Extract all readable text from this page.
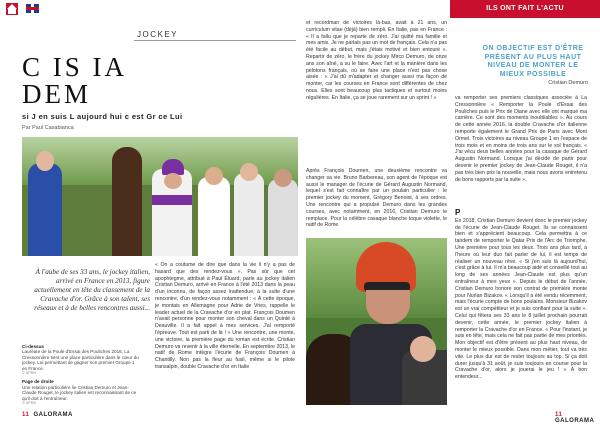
ILS ONT FAIT L'ACTU
JOCKEY
C IS IA
DEM
si J en suis L aujourd hui c est Gr ce Lui
Par Paul Casabianca
À l'aube de ses 33 ans, le jockey italien, arrivé en France en 2013, figure actuellement en tête du classement de la Cravache d'or. Grâce à son talent, ses réseaux et à de belles rencontres aussi...
Ci-dessus
Lauréate de la Poule d'Essai des Pouliches 2016, La Cressonnière tient une place particulière dans le cœur du jockey. Lui permettant de gagner son premier Groupe 1 en France.
© APRH
Page de droite
Une relation particulière lie Cristian Demuro et Jean-Claude Rouget, le jockey italien est reconnaissant de ce qu'il doit à l'entraîneur.
© APRH
« On a coutume de dire que dans la vie il n'y a pas de hasard que des rendez-vous ». Pas sûr que cet apophtegme, attribué à Paul Éluard, parle au jockey italien Cristian Demuro, arrivé en France à l'été 2013 dans la peau d'un inconnu, de façon assez inattendue, à la suite d'une rencontre, d'un rendez-vous notamment : « À cette époque, je montais en Allemagne pour Adrie de Vries, rappelle le leader actuel de la Cravache d'or en plat. François Doumen n'avait personne pour monter son cheval dans un Quinté à Deauville. Il a fait appel à mes services. J'ai remporté l'épreuve. Tout est parti de là ! » Une rencontre, une monte, une victoire, la première page du roman est écrite. Cristian Demuro va revenir à la ville éternelle. En septembre 2013, le natif de Rome intègre l'écurie de François Doumen à Chantilly. Non pas la fleur au fusil, même si le pilote transalpin, double Cravache d'or en Italie
et recordman de victoires là-bas, avait à 21 ans, un curriculum vitae (déjà) bien rempli. En Italie, pas en France : « Il a fallu que je reparte de zéro. J'ai quitté ma famille et mes amis. Je ne parlais pas un mot de français. Cela n'a pas été facile au début, mais j'étais motivé et bien entouré ». Repartir de zéro, le frère du jockey Mirco Demuro, de onze ans son aîné, a su le faire. Avec l'art et la manière dans les pelotons français, où se faire une place n'est pas chose aisée : « J'ai dû m'adapter et changer aussi ma façon de monter, car les courses en France sont différentes de chez nous. Elles sont beaucoup plus tactiques et surtout moins régulières. En Italie, ça se joue rarement sur un sprint ! »
Après François Doumen, une deuxième rencontre va changer sa vie. Bruno Barbereau, son agent de l'époque est aussi le manager de l'écurie de Gérard Augustin Normand, lequel s'est fait connaître par un poulain particulier : le premier jockey du moment, Grégory Benoist, à ses ordres. Une rencontre qui a propulsé Demuro dans les grandes courses, avec notamment, en 2016, Cristian Demuro le remplace. Pour la célèbre casaque blanche toque violette, le natif de Rome
ON OBJECTIF EST D'ÊTRE PRÉSENT AU PLUS HAUT NIVEAU DE MONTER LE MIEUX POSSIBLE
Cristian Demuro
va remporter ses premiers classiques associée à La Cressonnière « Remporter la Poule d'Essai des Pouliches puis le Prix de Diane avec elle ont marqué ma carrière. Ce sont des moments inoubliables ». Au cours de cette année 2016, la double Cravache d'or italienne remporte également le Grand Prix de Paris avec Mont Ormel. Trois victoires au niveau Groupe 1 en l'espace de trois mois et en moins de trois ans sur le sol français. « J'ai vécu deux belles années pour la casaque de Gérard Augustin Normand. Lorsque j'ai décidé de partir pour devenir le premier jockey de Jean-Claude Rouget, il n'a pas très bien pris la nouvelle, mais nous avons entretenu de bons rapports par la suite ».
P
En 2018, Cristian Demuro devient donc le premier jockey de l'écurie de Jean-Claude Rouget. Ils se connaissent bien et s'apprécient beaucoup. Cela permettra à ce tandem de remporter le Qatar Prix de l'Arc de Triomphe. Une première pour tous les deux. Trois ans plus tard, à l'heure où leur duo fait parler de lui, il est temps de réaliser un nouveau rêve. « Si j'en suis là aujourd'hui, c'est grâce à lui. Il m'a beaucoup aidé et conseillé tout au long de ses années Jean-Claude est plus qu'un entraîneur à mes yeux ». Depuis le début de l'année, Cristian Demuro honore son contrat de première monte pour Nurlan Bizakov. « Lorsqu'il a été vendu récemment, mais l'écurie compte de bons poulains. Monsieur Bizakov est un vrai compétiteur et je suis confiant pour la suite ». Celui qui fêtera ses 33 ans le 8 juillet prochain pourrait devenir, cette année, le premier jockey italien à remporter la Cravache d'or en France. « Pour l'instant, je suis en tête, mais cela ne fait pas partie de mes priorités. Mon objectif est d'être présent au plus haut niveau, de monter le mieux possible. Dans mon métier, tout va très vite. Le plus dur est de rester toujours au top. Si ça doit durer jusqu'à 31 août, je suis toujours en course pour la Cravache d'or, alors je jouerai le jeu ! » À bon entendeur...
11 GALORAMA	11 GALORAMA
